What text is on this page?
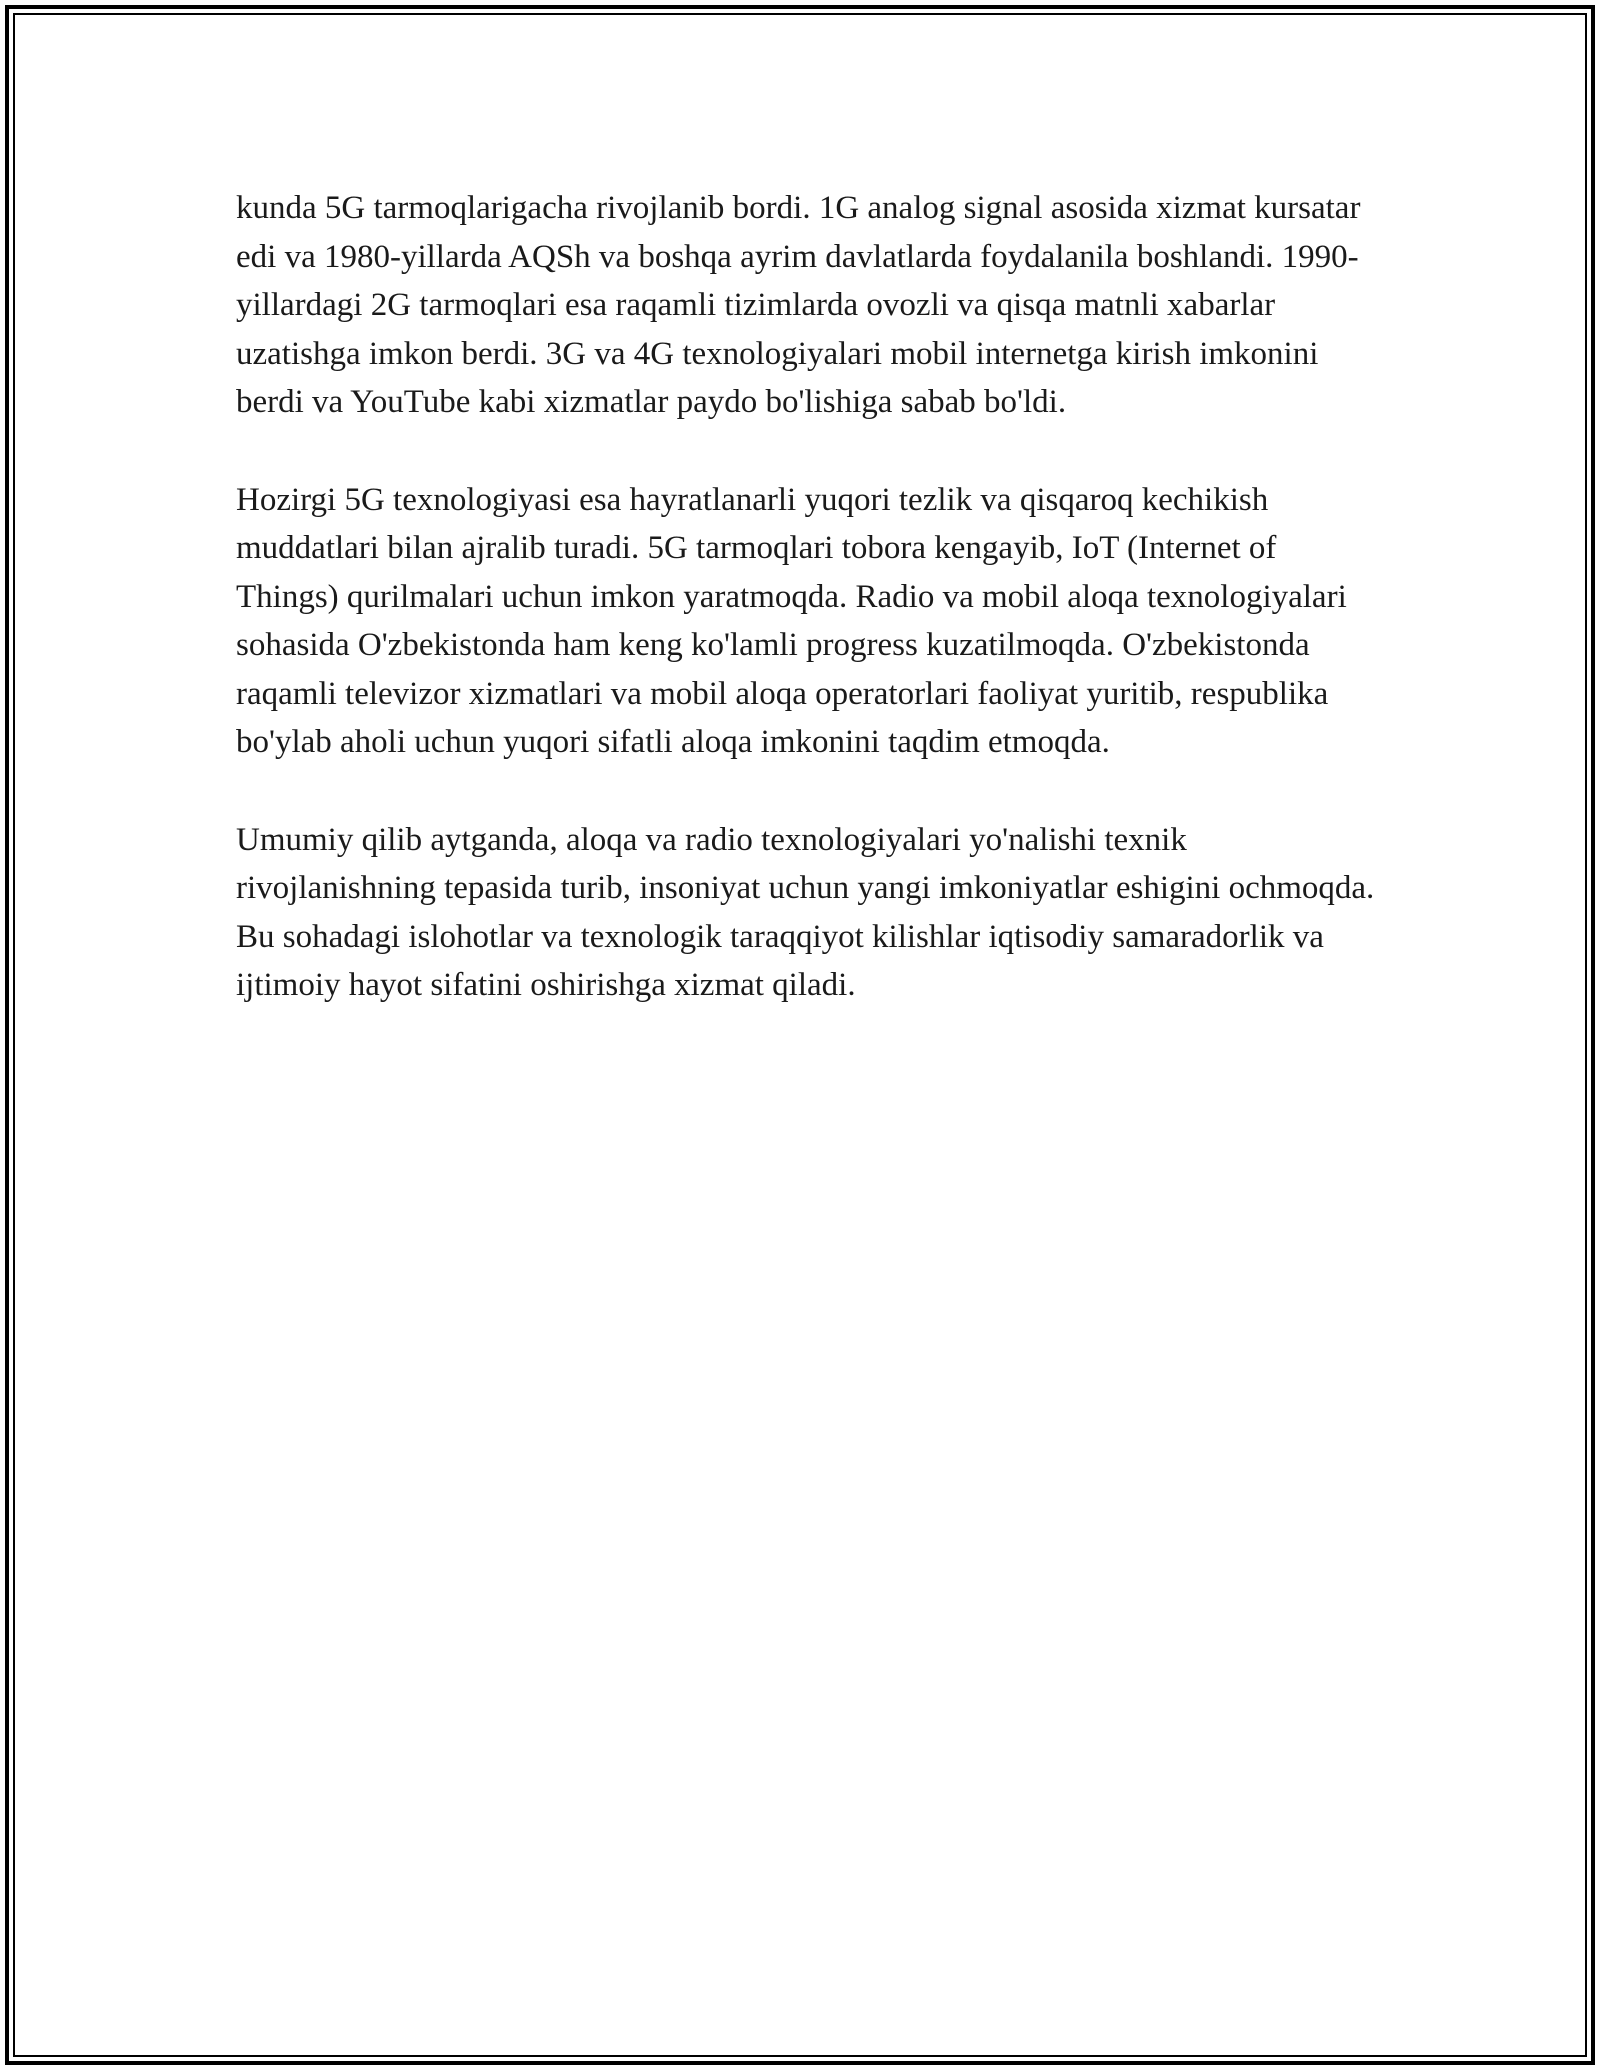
kunda 5G tarmoqlarigacha rivojlanib bordi. 1G analog signal asosida xizmat kursatar edi va 1980-yillarda AQSh va boshqa ayrim davlatlarda foydalanila boshlandi. 1990-yillardagi 2G tarmoqlari esa raqamli tizimlarda ovozli va qisqa matnli xabarlar uzatishga imkon berdi. 3G va 4G texnologiyalari mobil internetga kirish imkonini berdi va YouTube kabi xizmatlar paydo bo'lishiga sabab bo'ldi.

Hozirgi 5G texnologiyasi esa hayratlanarli yuqori tezlik va qisqaroq kechikish muddatlari bilan ajralib turadi. 5G tarmoqlari tobora kengayib, IoT (Internet of Things) qurilmalari uchun imkon yaratmoqda. Radio va mobil aloqa texnologiyalari sohasida O'zbekistonda ham keng ko'lamli progress kuzatilmoqda. O'zbekistonda raqamli televizor xizmatlari va mobil aloqa operatorlari faoliyat yuritib, respublika bo'ylab aholi uchun yuqori sifatli aloqa imkonini taqdim etmoqda.

Umumiy qilib aytganda, aloqa va radio texnologiyalari yo'nalishi texnik rivojlanishning tepasida turib, insoniyat uchun yangi imkoniyatlar eshigini ochmoqda. Bu sohadagi islohotlar va texnologik taraqqiyot kilishlar iqtisodiy samaradorlik va ijtimoiy hayot sifatini oshirishga xizmat qiladi.
